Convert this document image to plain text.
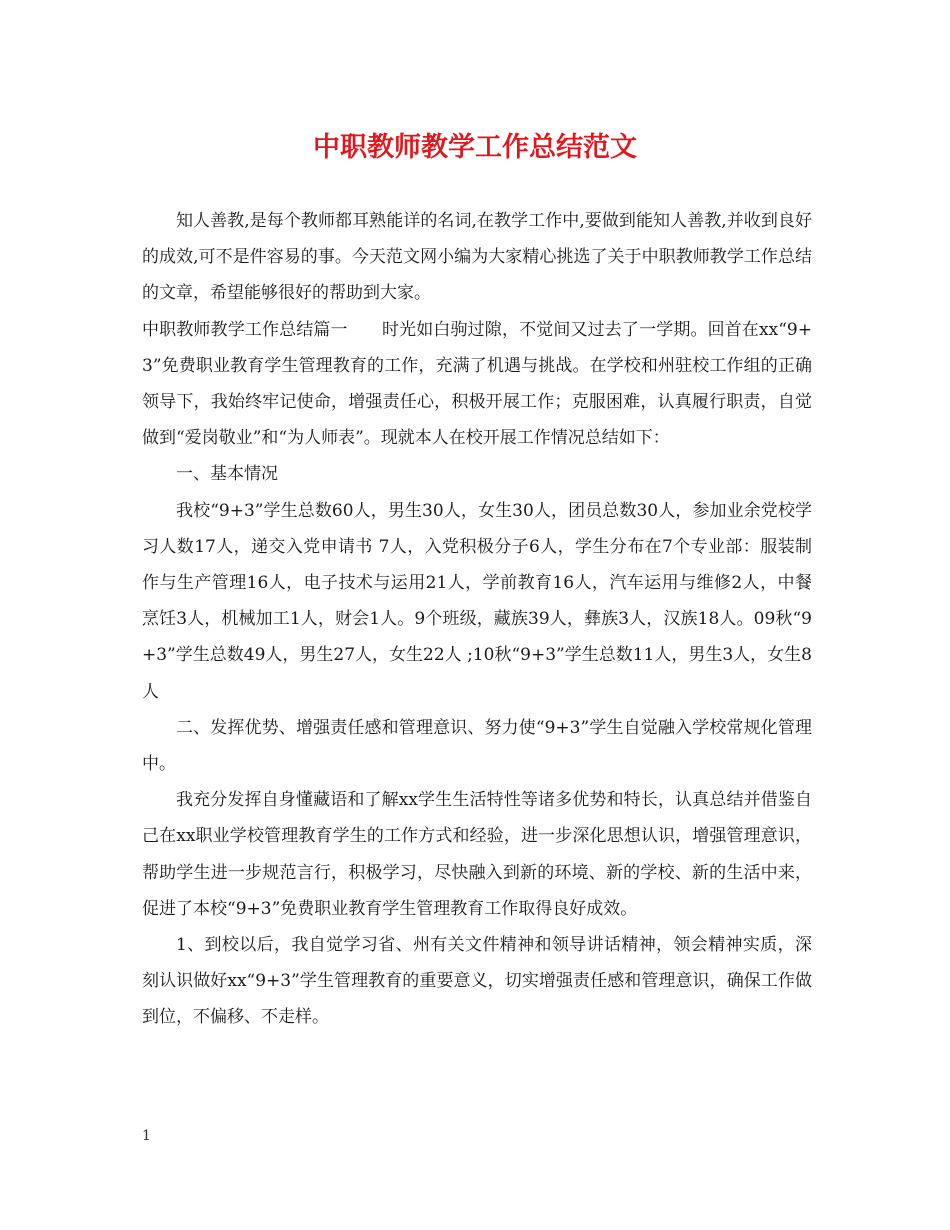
中职教师教学工作总结范文

知人善教,是每个教师都耳熟能详的名词,在教学工作中,要做到能知人善教,并收到良好的成效,可不是件容易的事。今天范文网小编为大家精心挑选了关于中职教师教学工作总结的文章，希望能够很好的帮助到大家。

中职教师教学工作总结篇一　　时光如白驹过隙，不觉间又过去了一学期。回首在xx“9+3”免费职业教育学生管理教育的工作，充满了机遇与挑战。在学校和州驻校工作组的正确领导下，我始终牢记使命，增强责任心，积极开展工作；克服困难，认真履行职责，自觉做到“爱岗敬业”和“为人师表”。现就本人在校开展工作情况总结如下：

一、基本情况

我校“9+3”学生总数60人，男生30人，女生30人，团员总数30人，参加业余党校学习人数17人，递交入党申请书 7人，入党积极分子6人，学生分布在7个专业部：服装制作与生产管理16人，电子技术与运用21人，学前教育16人，汽车运用与维修2人，中餐烹饪3人，机械加工1人，财会1人。9个班级，藏族39人，彝族3人，汉族18人。09秋“9+3”学生总数49人，男生27人，女生22人 ;10秋“9+3”学生总数11人，男生3人，女生8人

二、发挥优势、增强责任感和管理意识、努力使“9+3”学生自觉融入学校常规化管理中。

我充分发挥自身懂藏语和了解xx学生生活特性等诸多优势和特长，认真总结并借鉴自己在xx职业学校管理教育学生的工作方式和经验，进一步深化思想认识，增强管理意识，帮助学生进一步规范言行，积极学习，尽快融入到新的环境、新的学校、新的生活中来，促进了本校“9+3”免费职业教育学生管理教育工作取得良好成效。

1、到校以后，我自觉学习省、州有关文件精神和领导讲话精神，领会精神实质，深刻认识做好xx“9+3”学生管理教育的重要意义，切实增强责任感和管理意识，确保工作做到位，不偏移、不走样。

1
